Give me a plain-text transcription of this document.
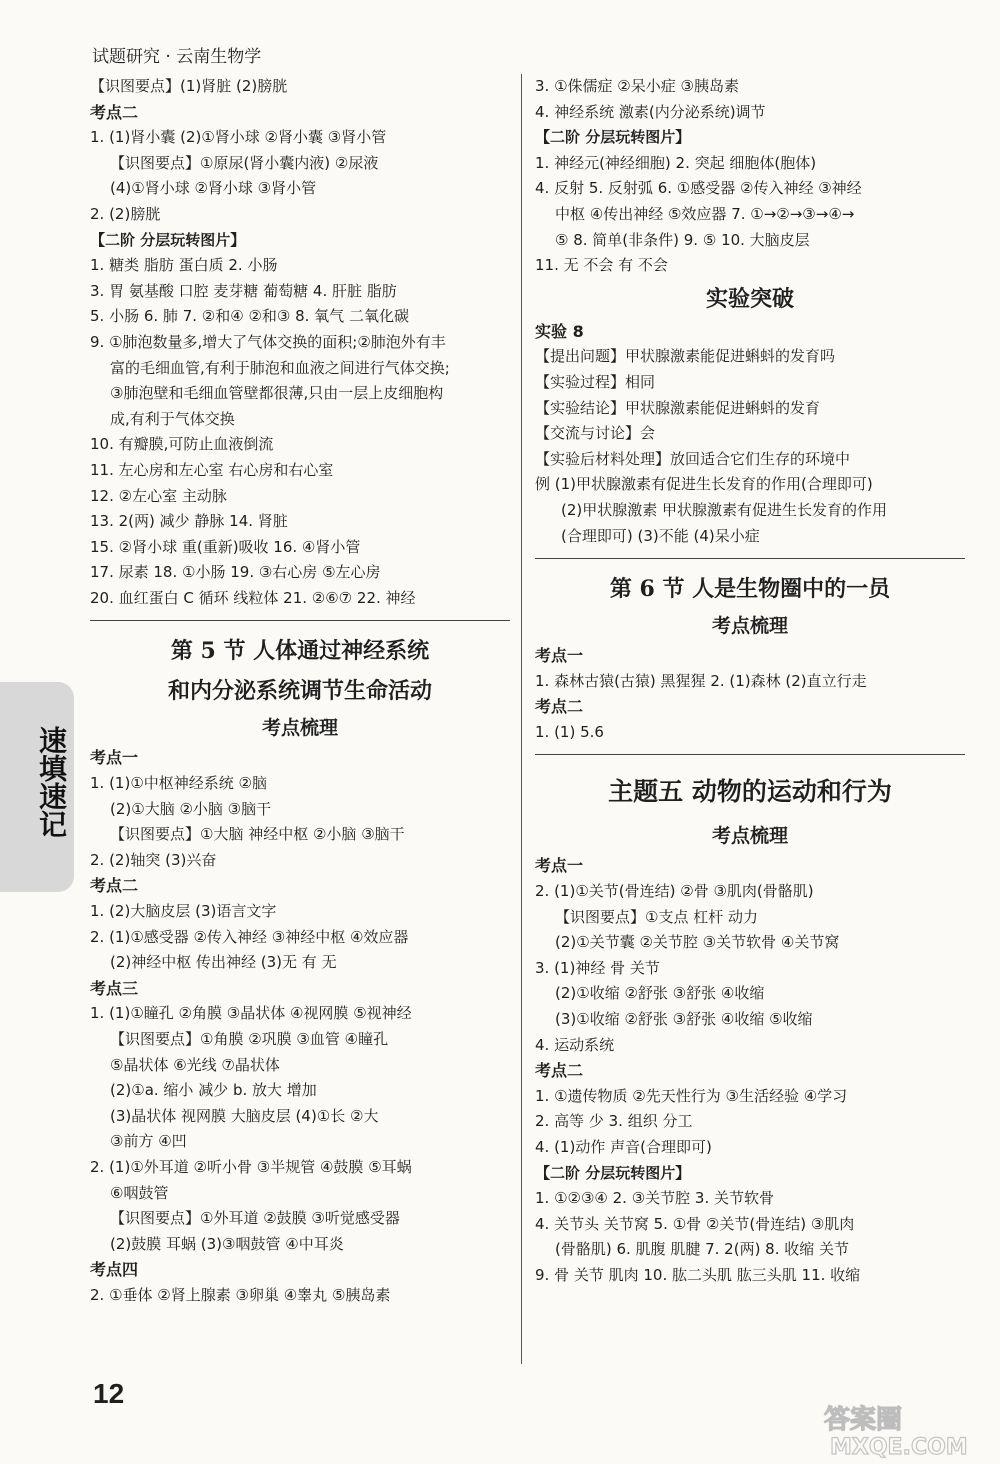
试题研究 · 云南生物学
【识图要点】(1)肾脏 (2)膀胱
考点二
1. (1)肾小囊 (2)①肾小球 ②肾小囊 ③肾小管
【识图要点】①原尿(肾小囊内液) ②尿液
(4)①肾小球 ②肾小球 ③肾小管
2. (2)膀胱
【二阶 分层玩转图片】
1. 糖类 脂肪 蛋白质 2. 小肠
3. 胃 氨基酸 口腔 麦芽糖 葡萄糖 4. 肝脏 脂肪
5. 小肠 6. 肺 7. ②和④ ②和③ 8. 氧气 二氧化碳
9. ①肺泡数量多,增大了气体交换的面积;②肺泡外有丰
富的毛细血管,有利于肺泡和血液之间进行气体交换;
③肺泡壁和毛细血管壁都很薄,只由一层上皮细胞构
成,有利于气体交换
10. 有瓣膜,可防止血液倒流
11. 左心房和左心室 右心房和右心室
12. ②左心室 主动脉
13. 2(两) 减少 静脉 14. 肾脏
15. ②肾小球 重(重新)吸收 16. ④肾小管
17. 尿素 18. ①小肠 19. ③右心房 ⑤左心房
20. 血红蛋白 C 循环 线粒体 21. ②⑥⑦ 22. 神经
第 5 节 人体通过神经系统
和内分泌系统调节生命活动
考点梳理
考点一
1. (1)①中枢神经系统 ②脑
(2)①大脑 ②小脑 ③脑干
【识图要点】①大脑 神经中枢 ②小脑 ③脑干
2. (2)轴突 (3)兴奋
考点二
1. (2)大脑皮层 (3)语言文字
2. (1)①感受器 ②传入神经 ③神经中枢 ④效应器
(2)神经中枢 传出神经 (3)无 有 无
考点三
1. (1)①瞳孔 ②角膜 ③晶状体 ④视网膜 ⑤视神经
【识图要点】①角膜 ②巩膜 ③血管 ④瞳孔
⑤晶状体 ⑥光线 ⑦晶状体
(2)①a. 缩小 减少 b. 放大 增加
(3)晶状体 视网膜 大脑皮层 (4)①长 ②大
③前方 ④凹
2. (1)①外耳道 ②听小骨 ③半规管 ④鼓膜 ⑤耳蜗
⑥咽鼓管
【识图要点】①外耳道 ②鼓膜 ③听觉感受器
(2)鼓膜 耳蜗 (3)③咽鼓管 ④中耳炎
考点四
2. ①垂体 ②肾上腺素 ③卵巢 ④睾丸 ⑤胰岛素
3. ①侏儒症 ②呆小症 ③胰岛素
4. 神经系统 激素(内分泌系统)调节
【二阶 分层玩转图片】
1. 神经元(神经细胞) 2. 突起 细胞体(胞体)
4. 反射 5. 反射弧 6. ①感受器 ②传入神经 ③神经
中枢 ④传出神经 ⑤效应器 7. ①→②→③→④→
⑤ 8. 简单(非条件) 9. ⑤ 10. 大脑皮层
11. 无 不会 有 不会
实验突破
实验 8
【提出问题】甲状腺激素能促进蝌蚪的发育吗
【实验过程】相同
【实验结论】甲状腺激素能促进蝌蚪的发育
【交流与讨论】会
【实验后材料处理】放回适合它们生存的环境中
例 (1)甲状腺激素有促进生长发育的作用(合理即可)
(2)甲状腺激素 甲状腺激素有促进生长发育的作用
(合理即可) (3)不能 (4)呆小症
第 6 节 人是生物圈中的一员
考点梳理
考点一
1. 森林古猿(古猿) 黑猩猩 2. (1)森林 (2)直立行走
考点二
1. (1) 5.6
主题五 动物的运动和行为
考点梳理
考点一
2. (1)①关节(骨连结) ②骨 ③肌肉(骨骼肌)
【识图要点】①支点 杠杆 动力
(2)①关节囊 ②关节腔 ③关节软骨 ④关节窝
3. (1)神经 骨 关节
(2)①收缩 ②舒张 ③舒张 ④收缩
(3)①收缩 ②舒张 ③舒张 ④收缩 ⑤收缩
4. 运动系统
考点二
1. ①遗传物质 ②先天性行为 ③生活经验 ④学习
2. 高等 少 3. 组织 分工
4. (1)动作 声音(合理即可)
【二阶 分层玩转图片】
1. ①②③④ 2. ③关节腔 3. 关节软骨
4. 关节头 关节窝 5. ①骨 ②关节(骨连结) ③肌肉
(骨骼肌) 6. 肌腹 肌腱 7. 2(两) 8. 收缩 关节
9. 骨 关节 肌肉 10. 肱二头肌 肱三头肌 11. 收缩
速填速记
12
答案圈
MXQE.COM
